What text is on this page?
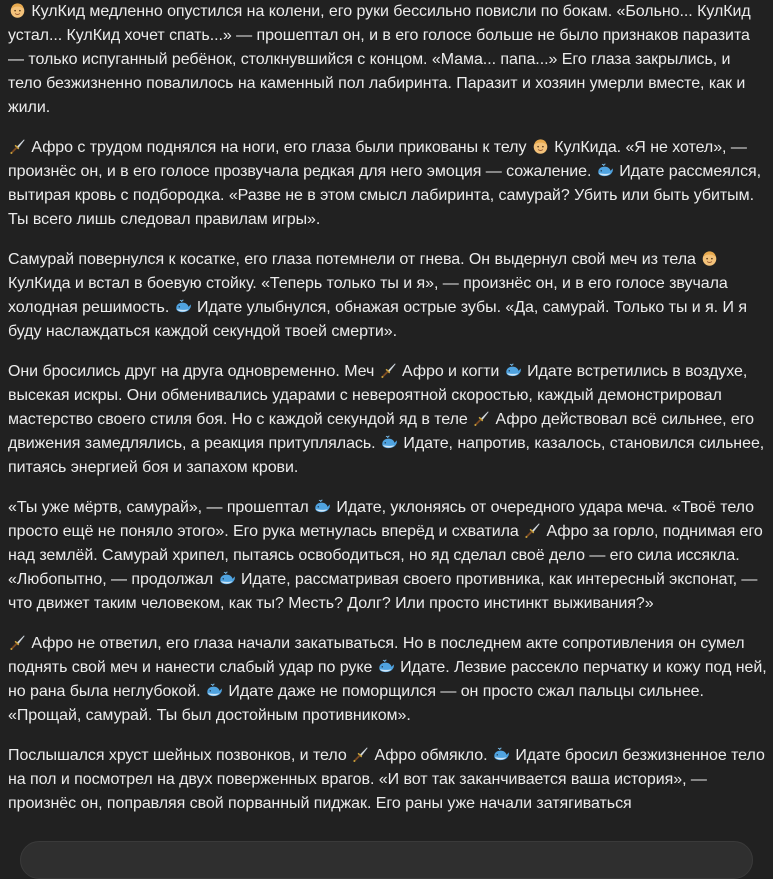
КулКид медленно опустился на колени, его руки бессильно повисли по бокам. «Больно... КулКид устал... КулКид хочет спать...» — прошептал он, и в его голосе больше не было признаков паразита — только испуганный ребёнок, столкнувшийся с концом. «Мама... папа...» Его глаза закрылись, и тело безжизненно повалилось на каменный пол лабиринта. Паразит и хозяин умерли вместе, как и жили.

Афро с трудом поднялся на ноги, его глаза были прикованы к телу
КулКида. «Я не хотел», — произнёс он, и в его голосе прозвучала редкая для него эмоция — сожаление.
Идате рассмеялся, вытирая кровь с подбородка. «Разве не в этом смысл лабиринта, самурай? Убить или быть убитым. Ты всего лишь следовал правилам игры».

Самурай повернулся к косатке, его глаза потемнели от гнева. Он выдернул свой меч из тела
КулКида и встал в боевую стойку. «Теперь только ты и я», — произнёс он, и в его голосе звучала холодная решимость.
Идате улыбнулся, обнажая острые зубы. «Да, самурай. Только ты и я. И я буду наслаждаться каждой секундой твоей смерти».

Они бросились друг на друга одновременно. Меч
Афро и когти
Идате встретились в воздухе, высекая искры. Они обменивались ударами с невероятной скоростью, каждый демонстрировал мастерство своего стиля боя. Но с каждой секундой яд в теле
Афро действовал всё сильнее, его движения замедлялись, а реакция притуплялась.
Идате, напротив, казалось, становился сильнее, питаясь энергией боя и запахом крови.

«Ты уже мёртв, самурай», — прошептал
Идате, уклоняясь от очередного удара меча. «Твоё тело просто ещё не поняло этого». Его рука метнулась вперёд и схватила
Афро за горло, поднимая его над землёй. Самурай хрипел, пытаясь освободиться, но яд сделал своё дело — его сила иссякла. «Любопытно, — продолжал
Идате, рассматривая своего противника, как интересный экспонат, — что движет таким человеком, как ты? Месть? Долг? Или просто инстинкт выживания?»

Афро не ответил, его глаза начали закатываться. Но в последнем акте сопротивления он сумел поднять свой меч и нанести слабый удар по руке
Идате. Лезвие рассекло перчатку и кожу под ней, но рана была неглубокой.
Идате даже не поморщился — он просто сжал пальцы сильнее. «Прощай, самурай. Ты был достойным противником».

Послышался хруст шейных позвонков, и тело
Афро обмякло.
Идате бросил безжизненное тело на пол и посмотрел на двух поверженных врагов. «И вот так заканчивается ваша история», — произнёс он, поправляя свой порванный пиджак. Его раны уже начали затягиваться
